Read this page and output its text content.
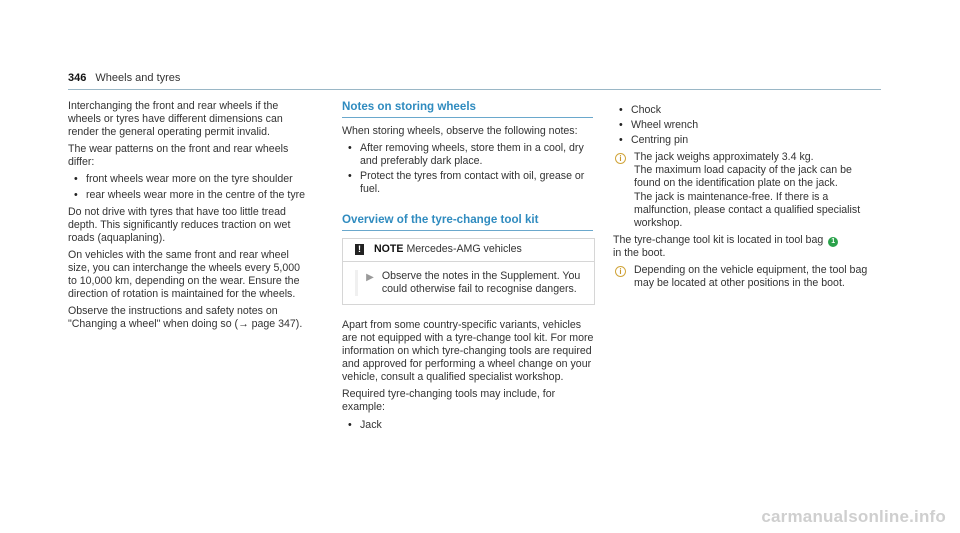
346 Wheels and tyres

Interchanging the front and rear wheels if the wheels or tyres have different dimensions can render the general operating permit invalid.

The wear patterns on the front and rear wheels differ:

• front wheels wear more on the tyre shoulder
• rear wheels wear more in the centre of the tyre

Do not drive with tyres that have too little tread depth. This significantly reduces traction on wet roads (aquaplaning).

On vehicles with the same front and rear wheel size, you can interchange the wheels every 5,000 to 10,000 km, depending on the wear. Ensure the direction of rotation is maintained for the wheels.

Observe the instructions and safety notes on "Changing a wheel" when doing so (→ page 347).

Notes on storing wheels

When storing wheels, observe the following notes:

• After removing wheels, store them in a cool, dry and preferably dark place.
• Protect the tyres from contact with oil, grease or fuel.
Overview of the tyre-change tool kit
! NOTE Mercedes-AMG vehicles
▶ Observe the notes in the Supplement. You could otherwise fail to recognise dangers.

Apart from some country-specific variants, vehicles are not equipped with a tyre-change tool kit. For more information on which tyre-changing tools are required and approved for performing a wheel change on your vehicle, consult a qualified specialist workshop.

Required tyre-changing tools may include, for example:

• Jack
• Chock
• Wheel wrench
• Centring pin
i	The jack weighs approximately 3.4 kg.

The maximum load capacity of the jack can be found on the identification plate on the jack.

The jack is maintenance-free. If there is a malfunction, please contact a qualified specialist workshop.

The tyre-change tool kit is located in tool bag 1
in the boot.

i	Depending on the vehicle equipment, the tool bag may be located at other positions in the boot.

carmanualsonline.info
